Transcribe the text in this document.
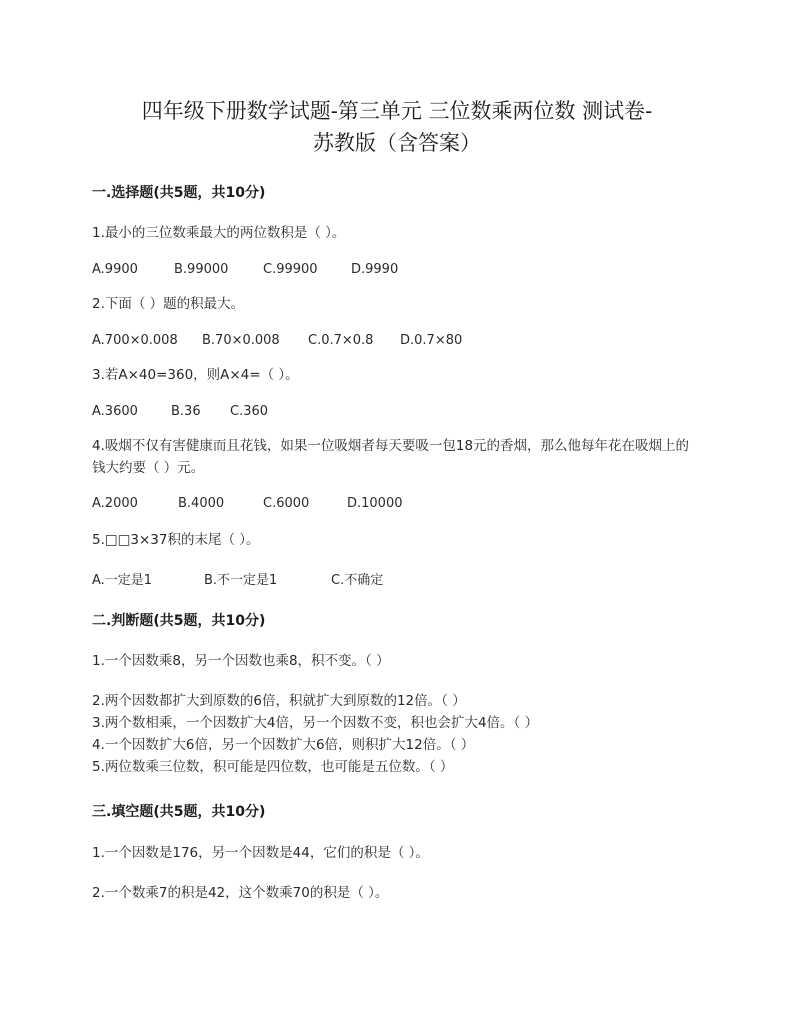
四年级下册数学试题-第三单元 三位数乘两位数 测试卷-
苏教版（含答案）
一.选择题(共5题，共10分)
1.最小的三位数乘最大的两位数积是（ ）。
A.9900	B.99000	C.99900	D.9990
2.下面（ ）题的积最大。
A.700×0.008 B.70×0.008 C.0.7×0.8 D.0.7×80
3.若A×40=360，则A×4=（ ）。
A.3600	B.36 C.360
4.吸烟不仅有害健康而且花钱，如果一位吸烟者每天要吸一包18元的香烟，那么他每年花在吸烟上的钱大约要（ ）元。
A.2000	B.4000	C.6000	D.10000
5.□□3×37积的末尾（ ）。
A.一定是1	B.不一定是1	C.不确定
二.判断题(共5题，共10分)
1.一个因数乘8，另一个因数也乘8，积不变。（ ）
2.两个因数都扩大到原数的6倍，积就扩大到原数的12倍。（ ）
3.两个数相乘，一个因数扩大4倍，另一个因数不变，积也会扩大4倍。（ ）
4.一个因数扩大6倍，另一个因数扩大6倍，则积扩大12倍。（ ）
5.两位数乘三位数，积可能是四位数，也可能是五位数。（ ）
三.填空题(共5题，共10分)
1.一个因数是176，另一个因数是44，它们的积是（ ）。
2.一个数乘7的积是42，这个数乘70的积是（ ）。
